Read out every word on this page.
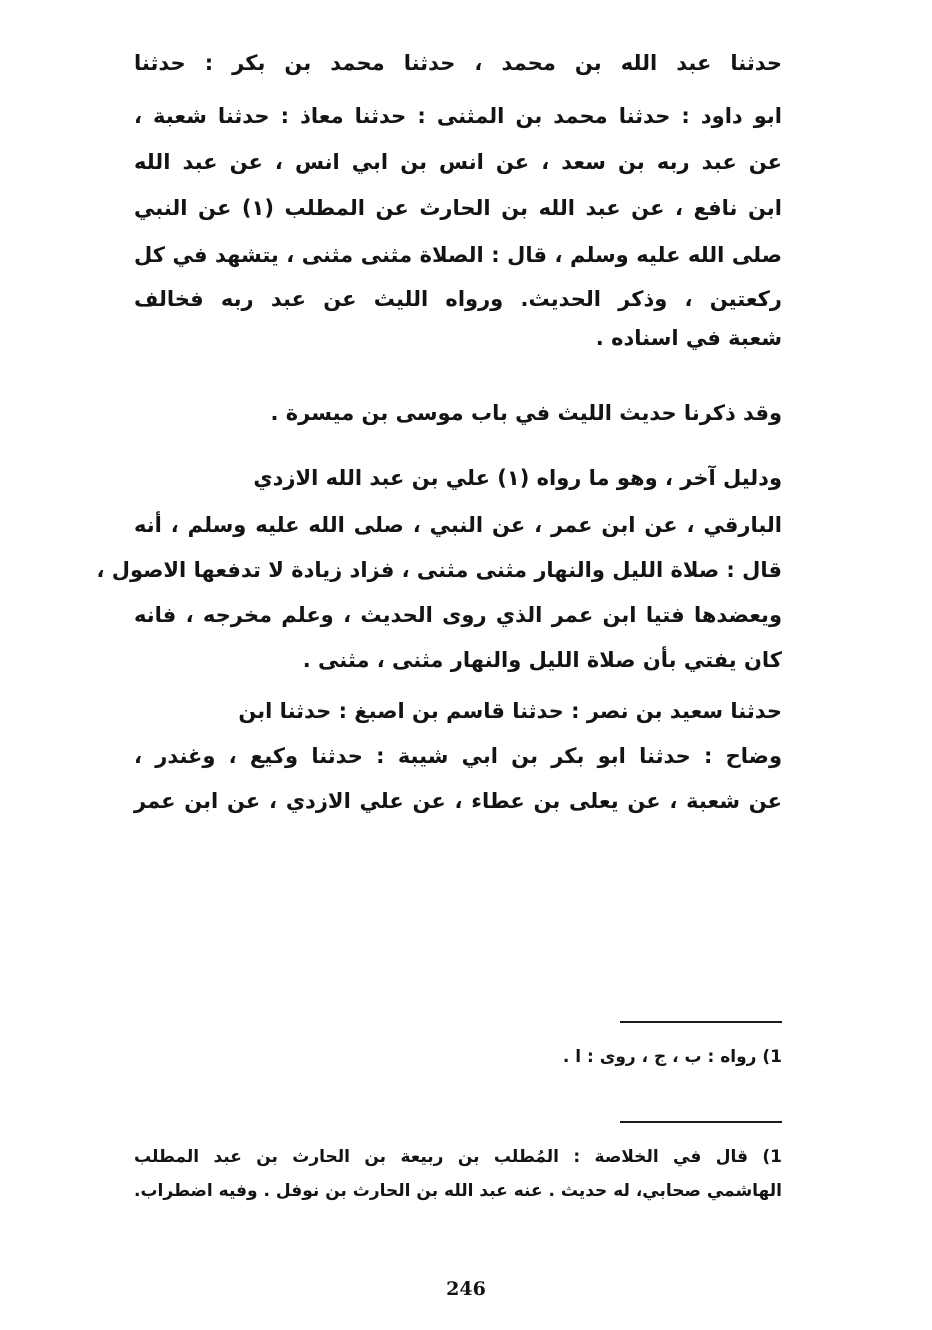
حدثنا عبد الله بن محمد ، حدثنا محمد بن بكر : حدثنا
ابو داود : حدثنا محمد بن المثنى : حدثنا معاذ : حدثنا شعبة ،
عن عبد ربه بن سعد ، عن انس بن ابي انس ، عن عبد الله
ابن نافع ، عن عبد الله بن الحارث عن المطلب (١) عن النبي
صلى الله عليه وسلم ، قال : الصلاة مثنى مثنى ، يتشهد في كل
ركعتين ، وذكر الحديث. ورواه الليث عن عبد ربه فخالف
شعبة في اسناده .
وقد ذكرنا حديث الليث في باب موسى بن ميسرة .
ودليل آخر ، وهو ما رواه (١) علي بن عبد الله الازدي
البارقي ، عن ابن عمر ، عن النبي ، صلى الله عليه وسلم ، أنه
قال : صلاة الليل والنهار مثنى مثنى ، فزاد زيادة لا تدفعها الاصول ،
ويعضدها فتيا ابن عمر الذي روى الحديث ، وعلم مخرجه ، فانه
كان يفتي بأن صلاة الليل والنهار مثنى ، مثنى .
حدثنا سعيد بن نصر : حدثنا قاسم بن اصبغ : حدثنا ابن
وضاح : حدثنا ابو بكر بن ابي شيبة : حدثنا وكيع ، وغندر ،
عن شعبة ، عن يعلى بن عطاء ، عن علي الازدي ، عن ابن عمر
1) رواه : ب ، ج ، روى : ا .
1) قال في الخلاصة : المُطلب بن ربيعة بن الحارث بن عبد المطلب
الهاشمي صحابي، له حديث . عنه عبد الله بن الحارث بن نوفل . وفيه اضطراب.
246
